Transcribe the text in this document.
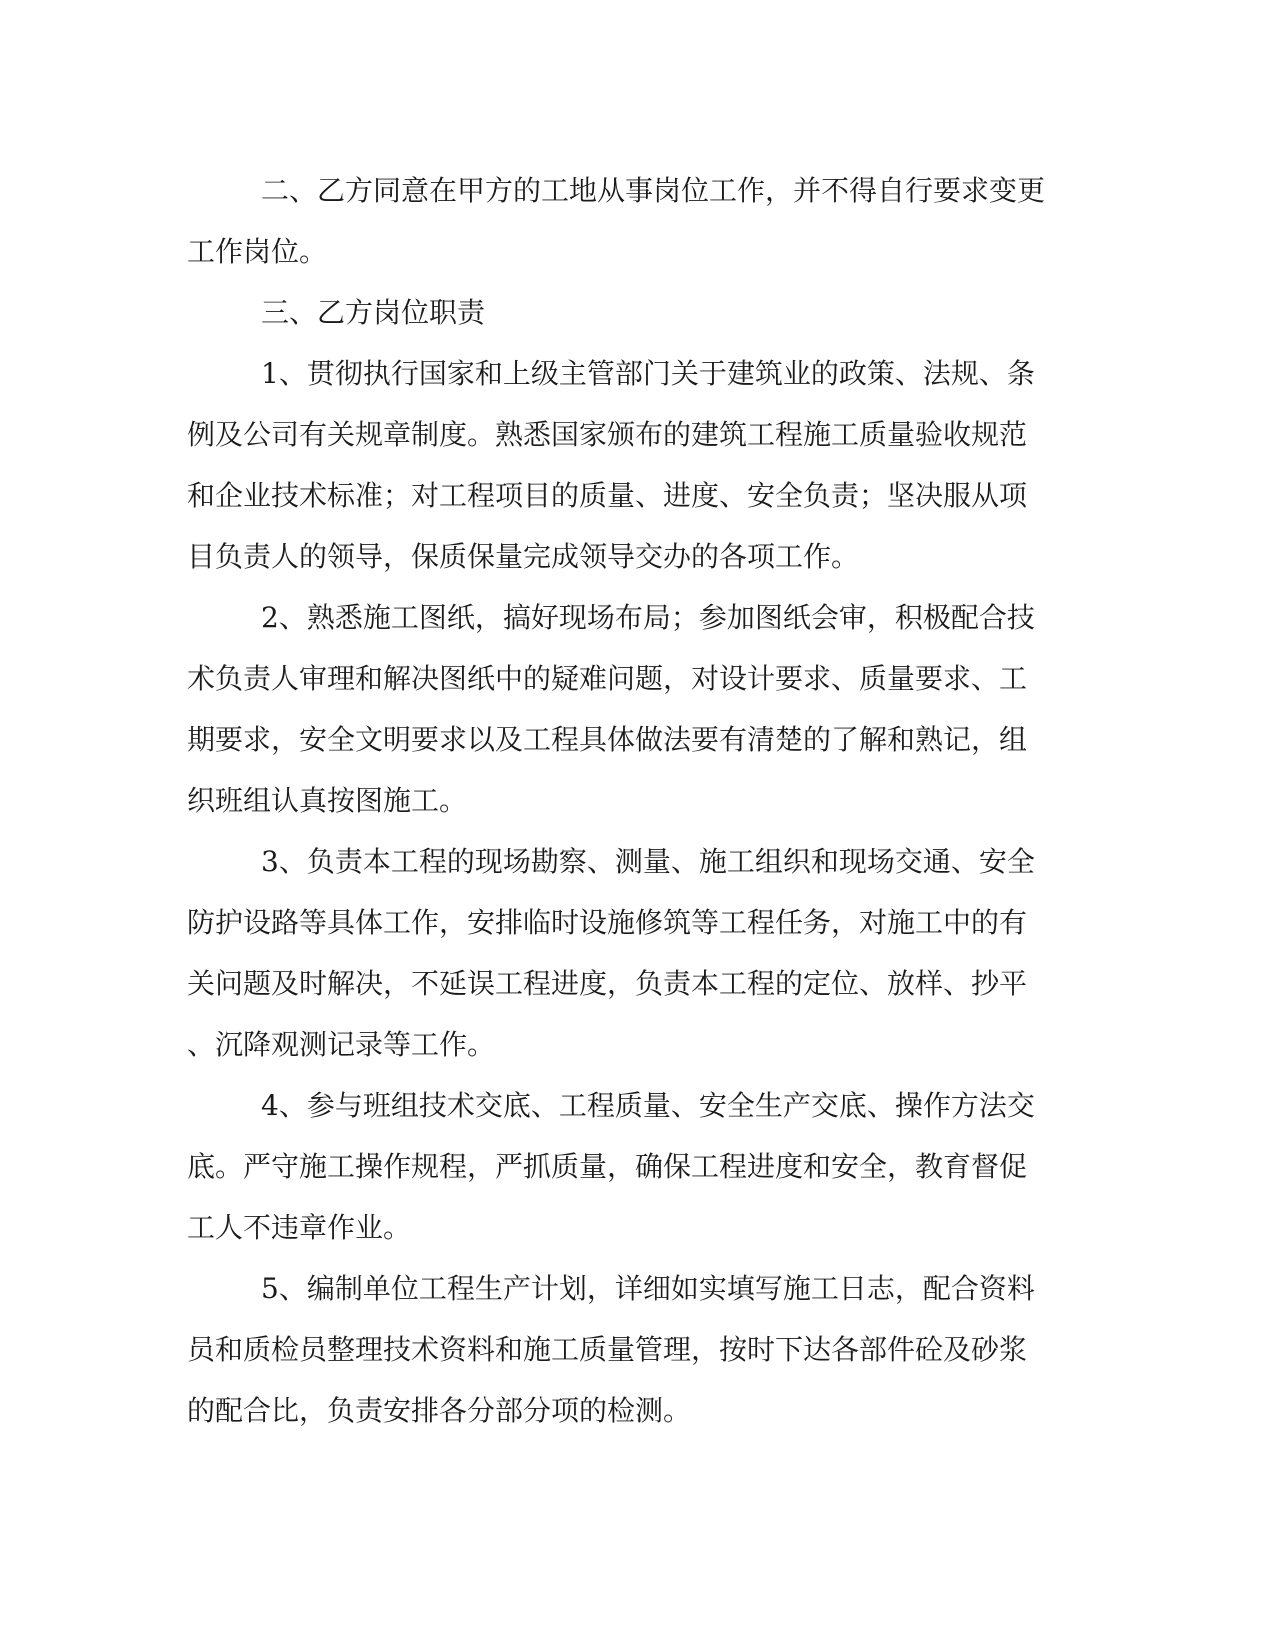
二、乙方同意在甲方的工地从事岗位工作，并不得自行要求变更
工作岗位。
三、乙方岗位职责
1、贯彻执行国家和上级主管部门关于建筑业的政策、法规、条
例及公司有关规章制度。熟悉国家颁布的建筑工程施工质量验收规范
和企业技术标准；对工程项目的质量、进度、安全负责；坚决服从项
目负责人的领导，保质保量完成领导交办的各项工作。
2、熟悉施工图纸，搞好现场布局；参加图纸会审，积极配合技
术负责人审理和解决图纸中的疑难问题，对设计要求、质量要求、工
期要求，安全文明要求以及工程具体做法要有清楚的了解和熟记，组
织班组认真按图施工。
3、负责本工程的现场勘察、测量、施工组织和现场交通、安全
防护设路等具体工作，安排临时设施修筑等工程任务，对施工中的有
关问题及时解决，不延误工程进度，负责本工程的定位、放样、抄平
、沉降观测记录等工作。
4、参与班组技术交底、工程质量、安全生产交底、操作方法交
底。严守施工操作规程，严抓质量，确保工程进度和安全，教育督促
工人不违章作业。
5、编制单位工程生产计划，详细如实填写施工日志，配合资料
员和质检员整理技术资料和施工质量管理，按时下达各部件砼及砂浆
的配合比，负责安排各分部分项的检测。
